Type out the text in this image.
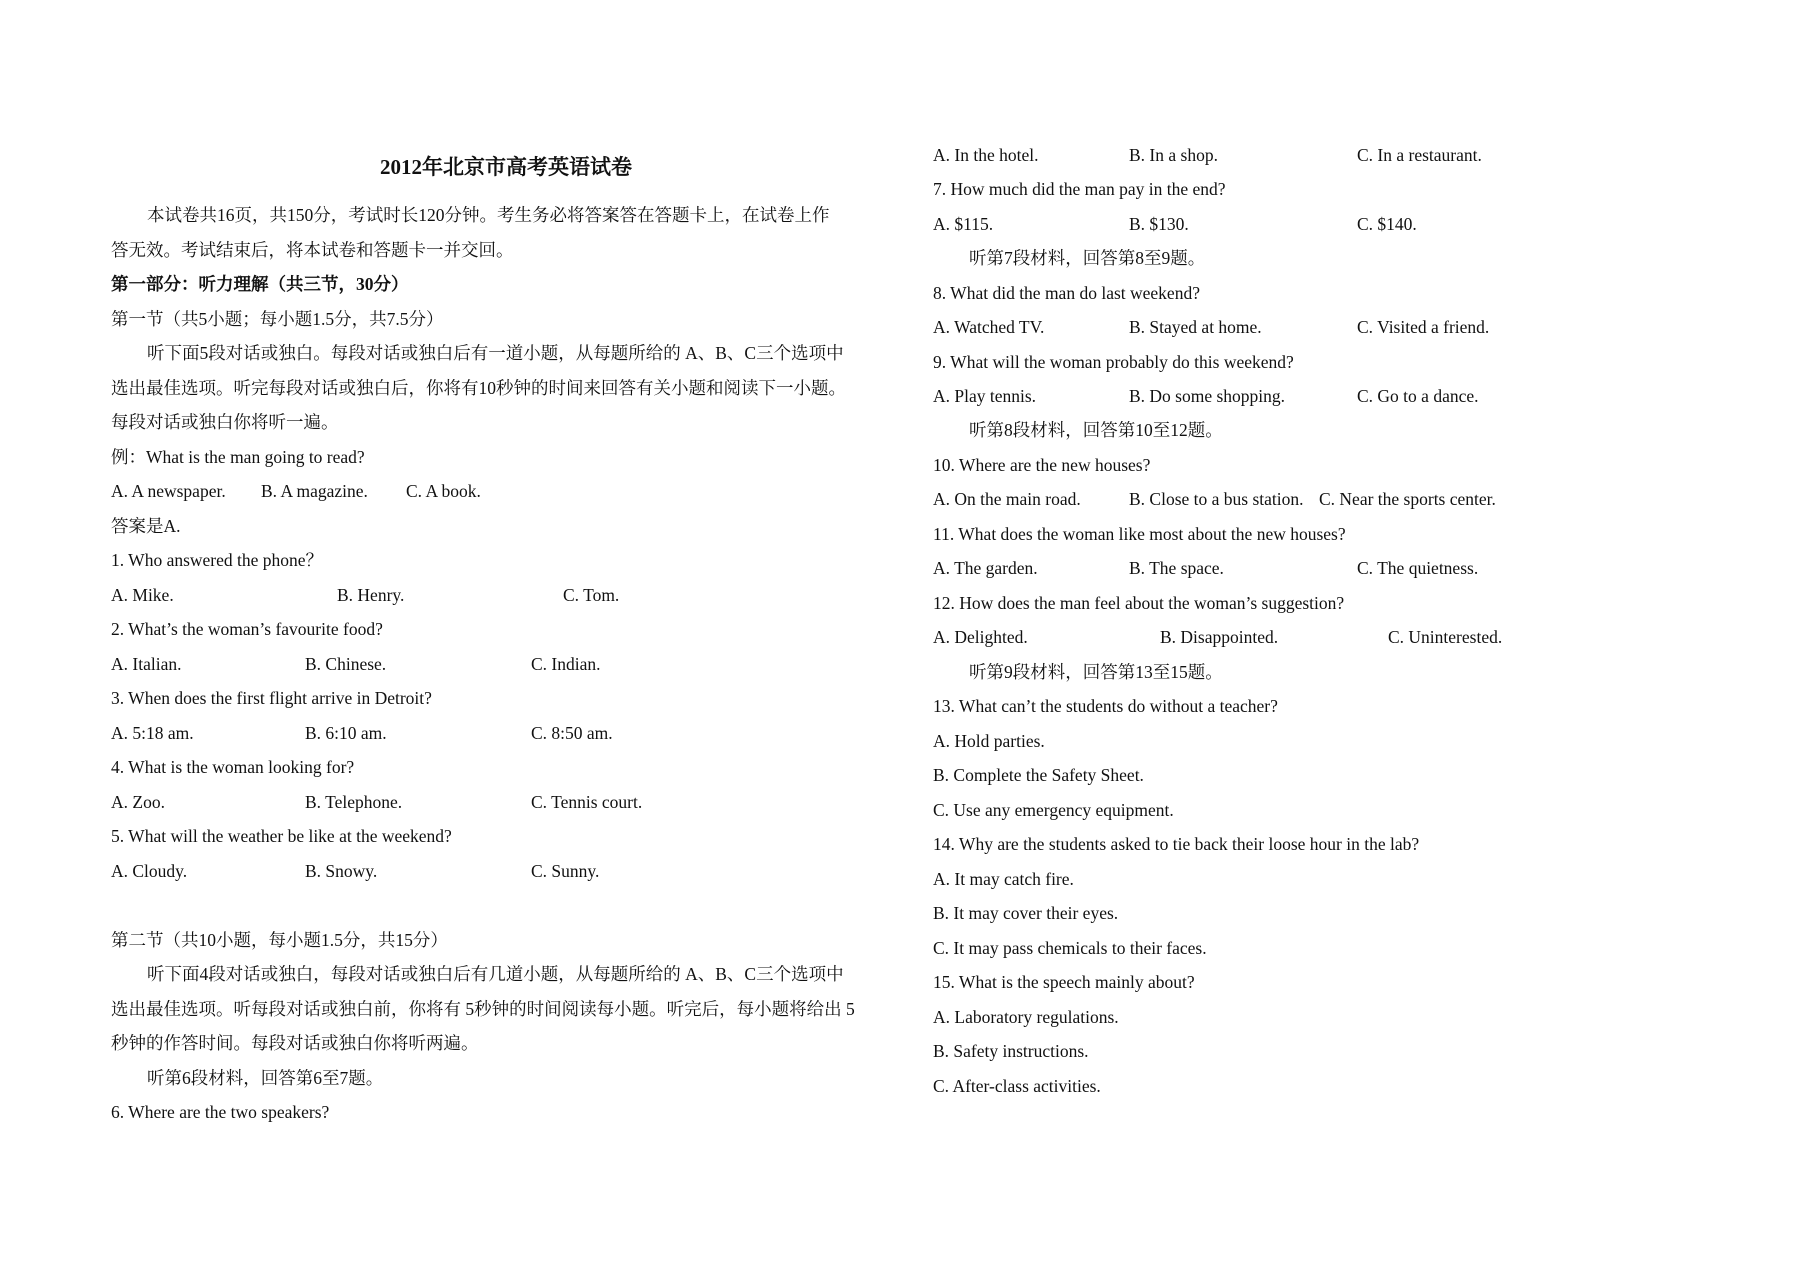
2012年北京市高考英语试卷
本试卷共16页，共150分，考试时长120分钟。考生务必将答案答在答题卡上，在试卷上作
答无效。考试结束后，将本试卷和答题卡一并交回。
第一部分：听力理解（共三节，30分）
第一节（共5小题；每小题1.5分，共7.5分）
听下面5段对话或独白。每段对话或独白后有一道小题，从每题所给的 A、B、C三个选项中
选出最佳选项。听完每段对话或独白后，你将有10秒钟的时间来回答有关小题和阅读下一小题。
每段对话或独白你将听一遍。
例：What is the man going to read?
A. A newspaper. B. A magazine. C. A book.
答案是A.
1. Who answered the phone？
A. Mike.	B. Henry.	C. Tom.
2. What’s the woman’s favourite food?
A. Italian.	B. Chinese.	C. Indian.
3. When does the first flight arrive in Detroit?
A. 5:18 am.	B. 6:10 am.	C. 8:50 am.
4. What is the woman looking for?
A. Zoo.	B. Telephone.	C. Tennis court.
5. What will the weather be like at the weekend?
A. Cloudy.	B. Snowy.	C. Sunny.
第二节（共10小题，每小题1.5分，共15分）
听下面4段对话或独白，每段对话或独白后有几道小题，从每题所给的 A、B、C三个选项中
选出最佳选项。听每段对话或独白前，你将有 5秒钟的时间阅读每小题。听完后，每小题将给出 5
秒钟的作答时间。每段对话或独白你将听两遍。
听第6段材料，回答第6至7题。
6. Where are the two speakers?
A. In the hotel.	B. In a shop.	C. In a restaurant.
7. How much did the man pay in the end?
A. $115.	B. $130.	C. $140.
听第7段材料，回答第8至9题。
8. What did the man do last weekend?
A. Watched TV.	B. Stayed at home.	C. Visited a friend.
9. What will the woman probably do this weekend?
A. Play tennis.	B. Do some shopping.	C. Go to a dance.
听第8段材料，回答第10至12题。
10. Where are the new houses?
A. On the main road.	B. Close to a bus station. C. Near the sports center.
11. What does the woman like most about the new houses?
A. The garden.	B. The space.	C. The quietness.
12. How does the man feel about the woman’s suggestion?
A. Delighted.	B. Disappointed.	C. Uninterested.
听第9段材料，回答第13至15题。
13. What can’t the students do without a teacher?
A. Hold parties.
B. Complete the Safety Sheet.
C. Use any emergency equipment.
14. Why are the students asked to tie back their loose hour in the lab?
A. It may catch fire.
B. It may cover their eyes.
C. It may pass chemicals to their faces.
15. What is the speech mainly about?
A. Laboratory regulations.
B. Safety instructions.
C. After-class activities.
